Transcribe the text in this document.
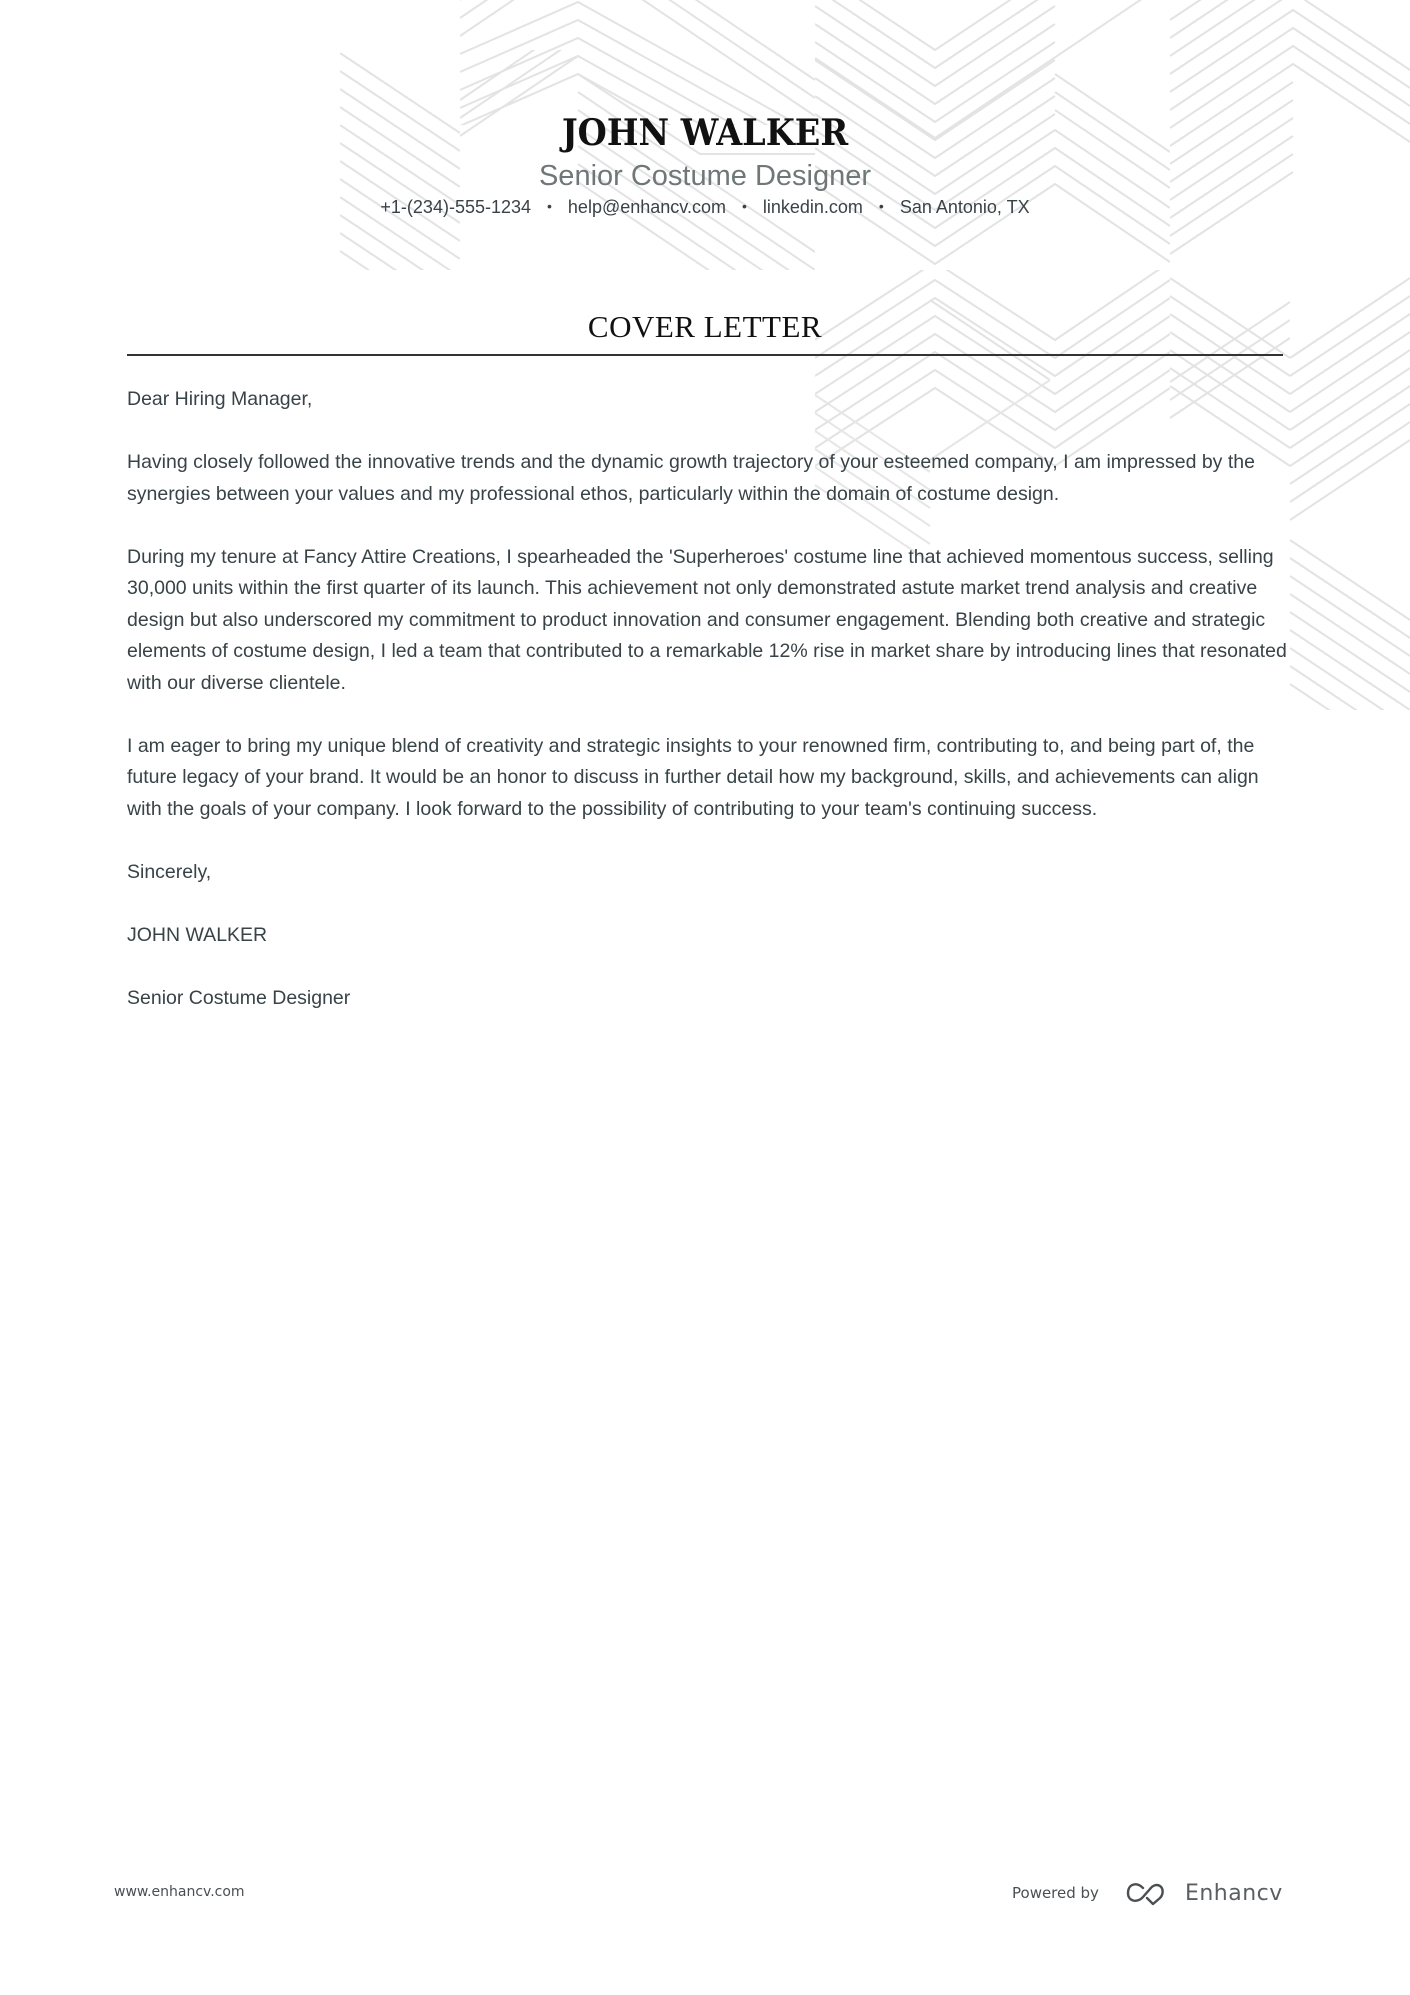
JOHN WALKER
Senior Costume Designer
+1-(234)-555-1234 • help@enhancv.com • linkedin.com • San Antonio, TX
COVER LETTER

Dear Hiring Manager,

Having closely followed the innovative trends and the dynamic growth trajectory of your esteemed company, I am impressed by the synergies between your values and my professional ethos, particularly within the domain of costume design.

During my tenure at Fancy Attire Creations, I spearheaded the 'Superheroes' costume line that achieved momentous success, selling 30,000 units within the first quarter of its launch. This achievement not only demonstrated astute market trend analysis and creative design but also underscored my commitment to product innovation and consumer engagement. Blending both creative and strategic elements of costume design, I led a team that contributed to a remarkable 12% rise in market share by introducing lines that resonated with our diverse clientele.

I am eager to bring my unique blend of creativity and strategic insights to your renowned firm, contributing to, and being part of, the future legacy of your brand. It would be an honor to discuss in further detail how my background, skills, and achievements can align with the goals of your company. I look forward to the possibility of contributing to your team's continuing success.

Sincerely,

JOHN WALKER

Senior Costume Designer

www.enhancv.com	Powered by	Enhancv
